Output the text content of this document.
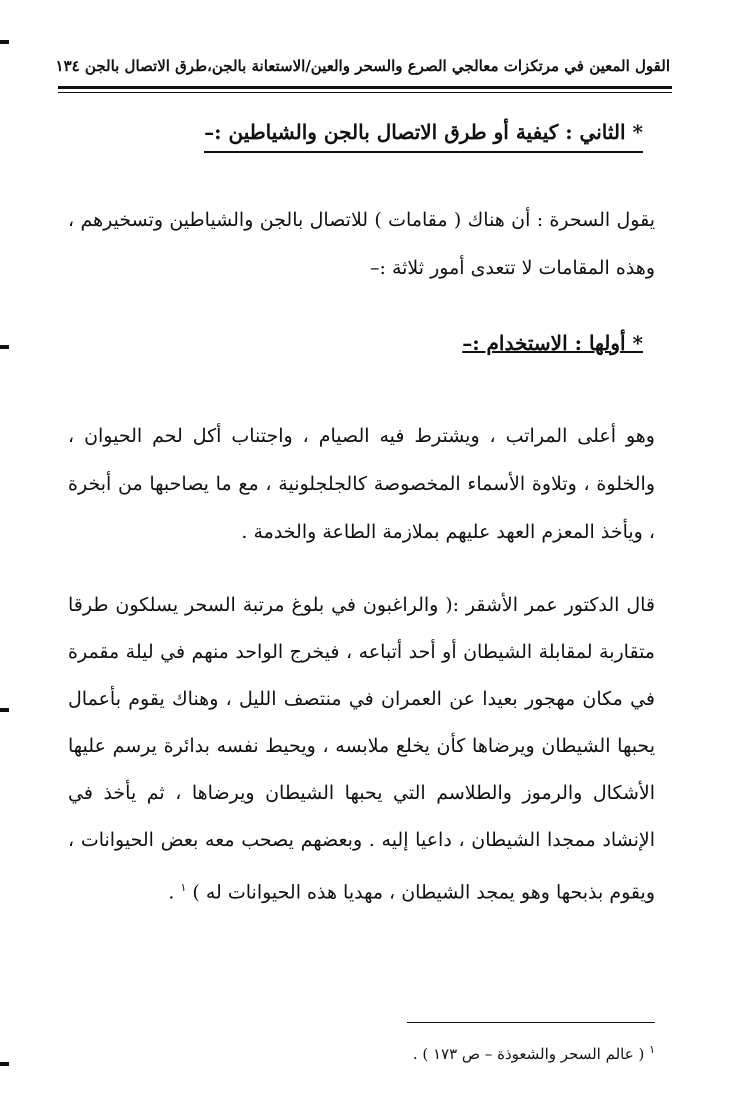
القول المعين في مرتكزات معالجي الصرع والسحر والعين/الاستعانة بالجن،طرق الاتصال بالجن ١٣٤
* الثاني : كيفية أو طرق الاتصال بالجن والشياطين :–

يقول السحرة : أن هناك ( مقامات ) للاتصال بالجن والشياطين وتسخيرهم ، وهذه المقامات لا تتعدى أمور ثلاثة :–

* أولها : الاستخدام :–

وهو أعلى المراتب ، ويشترط فيه الصيام ، واجتناب أكل لحم الحيوان ، والخلوة ، وتلاوة الأسماء المخصوصة كالجلجلونية ، مع ما يصاحبها من أبخرة ، ويأخذ المعزم العهد عليهم بملازمة الطاعة والخدمة .

قال الدكتور عمر الأشقر :( والراغبون في بلوغ مرتبة السحر يسلكون طرقا متقاربة لمقابلة الشيطان أو أحد أتباعه ، فيخرج الواحد منهم في ليلة مقمرة في مكان مهجور بعيدا عن العمران في منتصف الليل ، وهناك يقوم بأعمال يحبها الشيطان ويرضاها كأن يخلع ملابسه ، ويحيط نفسه بدائرة يرسم عليها الأشكال والرموز والطلاسم التي يحبها الشيطان ويرضاها ، ثم يأخذ في الإنشاد ممجدا الشيطان ، داعيا إليه . وبعضهم يصحب معه بعض الحيوانات ، ويقوم بذبحها وهو يمجد الشيطان ، مهديا هذه الحيوانات له ) $^١$ .

$^١$ ( عالم السحر والشعوذة – ص ١٧٣ ) .
